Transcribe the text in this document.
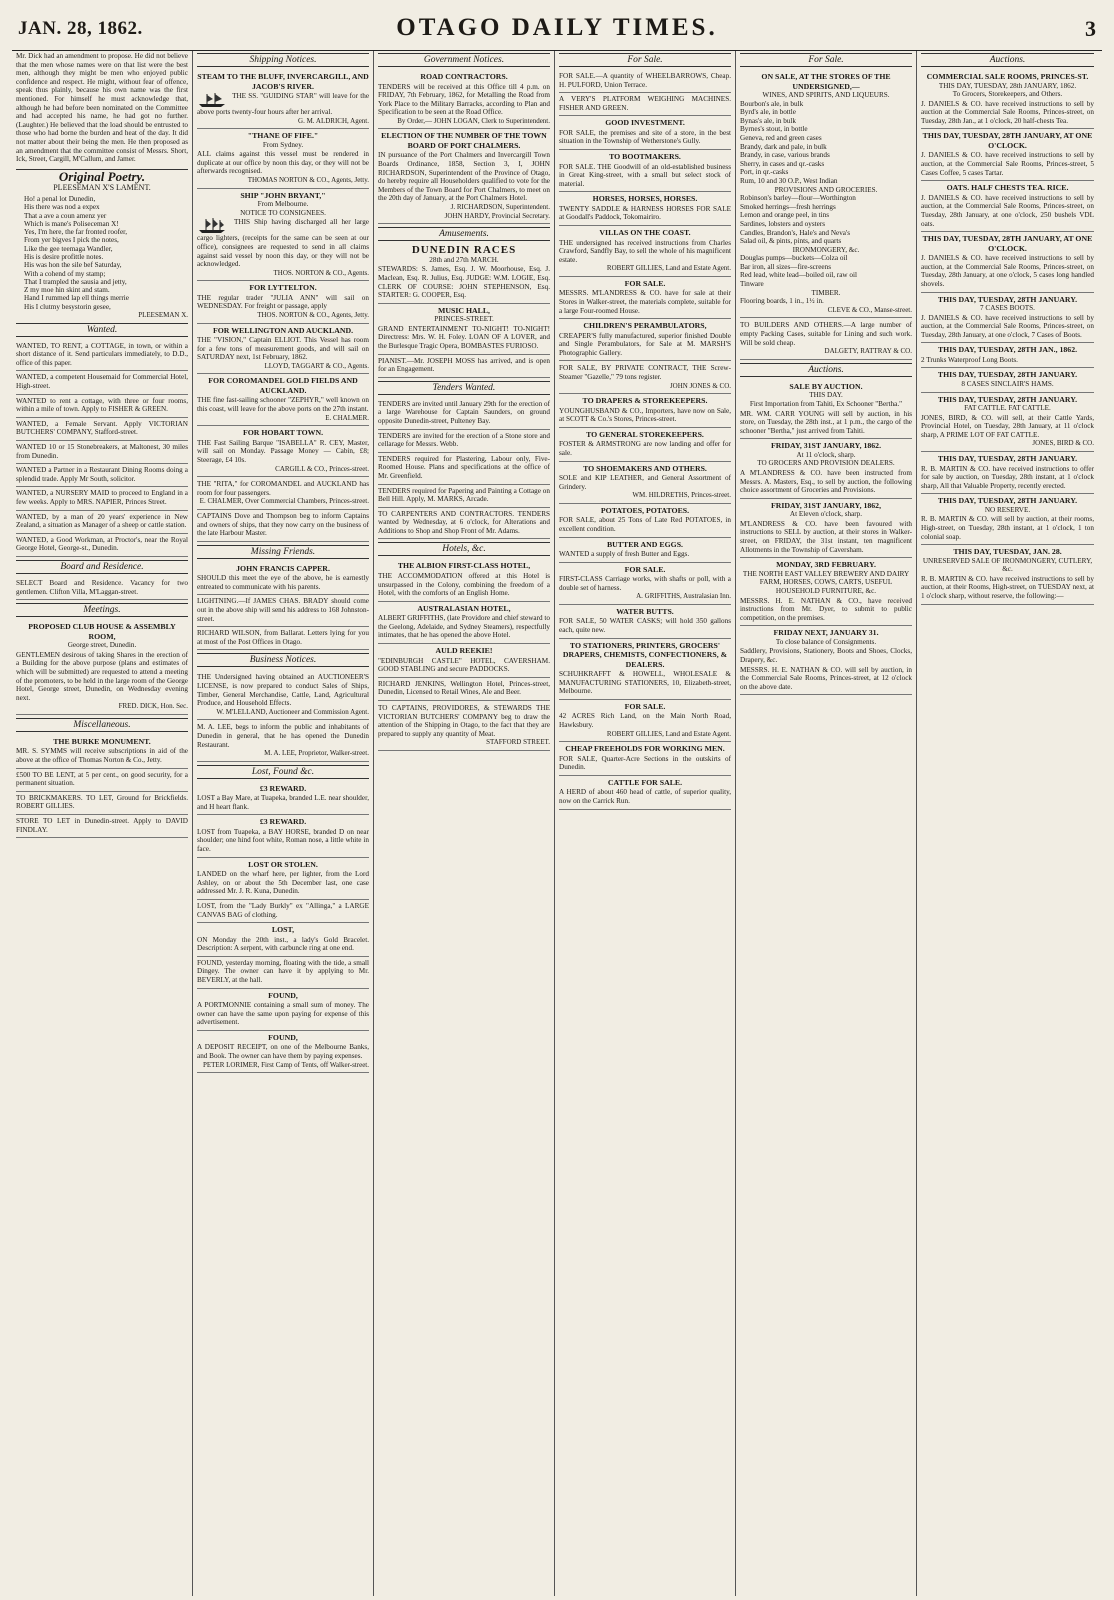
JAN. 28, 1862.	OTAGO DAILY TIMES.	3
Mr. Dick had an amendment to propose. He did not believe that the men whose names were on that list were the best men, although they might be men who enjoyed public confidence and respect. He might, without fear of offence, speak thus plainly, because his own name was the first mentioned. For himself he must acknowledge that, although he had before been nominated on the Committee and had accepted his name, he had got no further. (Laughter.) He believed that the load should be entrusted to those who had borne the burden and heat of the day. It did not matter about their being the men. He then proposed as an amendment that the committee consist of Messrs. Short, Ick, Street, Cargill, M'Callum, and Jamer.
Original Poetry.
PLEESEMAN X'S LAMENT.
Ho! a penal lot Dunedin,
His there was nod a expex
That a ave a coun amenz yer
Which is mane's Poliseceman X!
Yes, I'm here, the far fronted roofer,
From yer bigves I pick the notes,
Like the gee teemaga Wandler,
His is desire profittle notes.
His was hon the sile bef Saturday,
With a cohend of my stamp;
That I trampled the sausia and jetty,
Z my moe hin skint and stam.
Hand I rummed lap ell things merrie
His I clutmy besystorin gesee,
PLEESEMAN X.
Wanted.
WANTED, TO RENT, a COTTAGE, in town, or within a short distance of it. Send particulars immediately, to D.D., office of this paper.
WANTED, a competent Housemaid for Commercial Hotel, High-street.
WANTED to rent a cottage, with three or four rooms, within a mile of town. Apply to FISHER & GREEN.
WANTED, a Female Servant. Apply VICTORIAN BUTCHERS' COMPANY, Stafford-street.
WANTED 10 or 15 Stonebreakers, at Maltonest, 30 miles from Dunedin.
WANTED a Partner in a Restaurant Dining Rooms doing a splendid trade. Apply Mr South, solicitor.
WANTED, a NURSERY MAID to proceed to England in a few weeks. Apply to MRS. NAPIER, Princes Street.
WANTED, by a man of 20 years' experience in New Zealand, a situation as Manager of a sheep or cattle station.
WANTED, a Good Workman, at Proctor's, near the Royal George Hotel, George-st., Dunedin.
Board and Residence.
SELECT Board and Residence. Vacancy for two gentlemen. Clifton Villa, M'Laggan-street.
Meetings.
PROPOSED CLUB HOUSE & ASSEMBLY ROOM,
George street, Dunedin.
GENTLEMEN desirous of taking Shares in the erection of a Building for the above purpose (plans and estimates of which will be submitted) are requested to attend a meeting of the promoters, to be held in the large room of the George Hotel, George street, Dunedin, on Wednesday evening next.
FRED. DICK, Hon. Sec.
Miscellaneous.
THE BURKE MONUMENT.
MR. S. SYMMS will receive subscriptions in aid of the above at the office of Thomas Norton & Co., Jetty.
£500 TO BE LENT, at 5 per cent., on good security, for a permanent situation.
TO BRICKMAKERS. TO LET, Ground for Brickfields. ROBERT GILLIES.
STORE TO LET in Dunedin-street. Apply to DAVID FINDLAY.
Shipping Notices.
STEAM TO THE BLUFF, INVERCARGILL, AND JACOB'S RIVER.
THE SS. "GUIDING STAR" will leave for the above ports twenty-four hours after her arrival.
G. M. ALDRICH, Agent.
"THANE OF FIFE."
From Sydney.
ALL claims against this vessel must be rendered in duplicate at our office by noon this day, or they will not be afterwards recognised.
THOMAS NORTON & CO., Agents, Jetty.
SHIP "JOHN BRYANT,"
From Melbourne.
NOTICE TO CONSIGNEES.
THIS Ship having discharged all her large cargo lighters, (receipts for the same can be seen at our office), consignees are requested to send in all claims against said vessel by noon this day, or they will not be acknowledged.
THOS. NORTON & CO., Agents.
FOR LYTTELTON.
THE regular trader "JULIA ANN" will sail on WEDNESDAY. For freight or passage, apply
THOS. NORTON & CO., Agents, Jetty.
FOR WELLINGTON AND AUCKLAND.
THE "VISION," Captain ELLIOT. This Vessel has room for a few tons of measurement goods, and will sail on SATURDAY next, 1st February, 1862.
LLOYD, TAGGART & CO., Agents.
FOR COROMANDEL GOLD FIELDS AND AUCKLAND.
THE fine fast-sailing schooner "ZEPHYR," well known on this coast, will leave for the above ports on the 27th instant.
E. CHALMER.
FOR HOBART TOWN.
THE Fast Sailing Barque "ISABELLA" R. CEY, Master, will sail on Monday. Passage Money — Cabin, £8; Steerage, £4 10s.
CARGILL & CO., Princes-street.
THE "RITA," for COROMANDEL and AUCKLAND has room for four passengers.
E. CHALMER, Over Commercial Chambers, Princes-street.
CAPTAINS Dove and Thompson beg to inform Captains and owners of ships, that they now carry on the business of the late Harbour Master.
Missing Friends.
JOHN FRANCIS CAPPER.
SHOULD this meet the eye of the above, he is earnestly entreated to communicate with his parents.
LIGHTNING.—If JAMES CHAS. BRADY should come out in the above ship will send his address to 168 Johnston-street.
RICHARD WILSON, from Ballarat. Letters lying for you at most of the Post Offices in Otago.
Business Notices.
THE Undersigned having obtained an AUCTIONEER'S LICENSE, is now prepared to conduct Sales of Ships, Timber, General Merchandise, Cattle, Land, Agricultural Produce, and Household Effects.
W. M'LELLAND, Auctioneer and Commission Agent.
M. A. LEE, begs to inform the public and inhabitants of Dunedin in general, that he has opened the Dunedin Restaurant.
M. A. LEE, Proprietor, Walker-street.
Lost, Found &c.
£3 REWARD.
LOST a Bay Mare, at Tuapeka, branded L.E. near shoulder, and H heart flank.
£3 REWARD.
LOST from Tuapeka, a BAY HORSE, branded D on near shoulder; one hind foot white, Roman nose, a little white in face.
LOST OR STOLEN.
LANDED on the wharf here, per lighter, from the Lord Ashley, on or about the 5th December last, one case addressed Mr. J. R. Kuna, Dunedin.
LOST, from the "Lady Burkly" ex "Allinga," a LARGE CANVAS BAG of clothing.
LOST,
ON Monday the 20th inst., a lady's Gold Bracelet. Description: A serpent, with carbuncle ring at one end.
FOUND, yesterday morning, floating with the tide, a small Dingey. The owner can have it by applying to Mr. BEVERLY, at the hall.
FOUND,
A PORTMONNIE containing a small sum of money. The owner can have the same upon paying for expense of this advertisement.
FOUND,
A DEPOSIT RECEIPT, on one of the Melbourne Banks, and Book. The owner can have them by paying expenses.
PETER LORIMER, First Camp of Tents, off Walker-street.
Government Notices.
ROAD CONTRACTORS.
TENDERS will be received at this Office till 4 p.m. on FRIDAY, 7th February, 1862, for Metalling the Road from York Place to the Military Barracks, according to Plan and Specification to be seen at the Road Office.
By Order,— JOHN LOGAN, Clerk to Superintendent.
ELECTION OF THE NUMBER OF THE TOWN BOARD OF PORT CHALMERS.
IN pursuance of the Port Chalmers and Invercargill Town Boards Ordinance, 1858, Section 3, I, JOHN RICHARDSON, Superintendent of the Province of Otago, do hereby require all Householders qualified to vote for the Members of the Town Board for Port Chalmers, to meet on the 20th day of January, at the Port Chalmers Hotel.
J. RICHARDSON, Superintendent.
JOHN HARDY, Provincial Secretary.
Amusements.
DUNEDIN RACES
28th and 27th MARCH.
STEWARDS: S. James, Esq. J. W. Moorhouse, Esq. J. Maclean, Esq. R. Julius, Esq. JUDGE: W.M. LOGIE, Esq. CLERK OF COURSE: JOHN STEPHENSON, Esq. STARTER: G. COOPER, Esq.
MUSIC HALL,
PRINCES-STREET.
GRAND ENTERTAINMENT TO-NIGHT! TO-NIGHT! Directress: Mrs. W. H. Foley. LOAN OF A LOVER, and the Burlesque Tragic Opera, BOMBASTES FURIOSO.
PIANIST.—Mr. JOSEPH MOSS has arrived, and is open for an Engagement.
Tenders Wanted.
TENDERS are invited until January 29th for the erection of a large Warehouse for Captain Saunders, on ground opposite Dunedin-street, Pulteney Bay.
TENDERS are invited for the erection of a Stone store and cellarage for Messrs. Webb.
TENDERS required for Plastering, Labour only, Five-Roomed House. Plans and specifications at the office of Mr. Greenfield.
TENDERS required for Papering and Painting a Cottage on Bell Hill. Apply, M. MARKS, Arcade.
TO CARPENTERS AND CONTRACTORS. TENDERS wanted by Wednesday, at 6 o'clock, for Alterations and Additions to Shop and Shop Front of Mr. Adams.
Hotels, &c.
THE ALBION FIRST-CLASS HOTEL,
THE ACCOMMODATION offered at this Hotel is unsurpassed in the Colony, combining the freedom of a Hotel, with the comforts of an English Home.
AUSTRALASIAN HOTEL,
ALBERT GRIFFITHS, (late Providore and chief steward to the Geelong, Adelaide, and Sydney Steamers), respectfully intimates, that he has opened the above Hotel.
AULD REEKIE!
"EDINBURGH CASTLE" HOTEL, CAVERSHAM. GOOD STABLING and secure PADDOCKS.
RICHARD JENKINS, Wellington Hotel, Princes-street, Dunedin, Licensed to Retail Wines, Ale and Beer.
TO CAPTAINS, PROVIDORES, & STEWARDS THE VICTORIAN BUTCHERS' COMPANY beg to draw the attention of the Shipping in Otago, to the fact that they are prepared to supply any quantity of Meat.
STAFFORD STREET.
For Sale.
FOR SALE.—A quantity of WHEELBARROWS, Cheap. H. PULFORD, Union Terrace.
A VERY'S PLATFORM WEIGHING MACHINES. FISHER AND GREEN.
GOOD INVESTMENT.
FOR SALE, the premises and site of a store, in the best situation in the Township of Wetherstone's Gully.
TO BOOTMAKERS.
FOR SALE. THE Goodwill of an old-established business in Great King-street, with a small but select stock of material.
HORSES, HORSES, HORSES.
TWENTY SADDLE & HARNESS HORSES FOR SALE at Goodall's Paddock, Tokomairiro.
VILLAS ON THE COAST.
THE undersigned has received instructions from Charles Crawford, Sandfly Bay, to sell the whole of his magnificent estate.
ROBERT GILLIES, Land and Estate Agent.
FOR SALE.
MESSRS. M'LANDRESS & CO. have for sale at their Stores in Walker-street, the materials complete, suitable for a large Four-roomed House.
CHILDREN'S PERAMBULATORS,
CREAPER'S fully manufactured, superior finished Double and Single Perambulators, for Sale at M. MARSH'S Photographic Gallery.
FOR SALE, BY PRIVATE CONTRACT, THE Screw-Steamer "Gazelle," 79 tons register.
JOHN JONES & CO.
TO DRAPERS & STOREKEEPERS.
YOUNGHUSBAND & CO., Importers, have now on Sale, at SCOTT & Co.'s Stores, Princes-street.
TO GENERAL STOREKEEPERS.
FOSTER & ARMSTRONG are now landing and offer for sale.
TO SHOEMAKERS AND OTHERS.
SOLE and KIP LEATHER, and General Assortment of Grindery.
WM. HILDRETHS, Princes-street.
POTATOES, POTATOES.
FOR SALE, about 25 Tons of Late Red POTATOES, in excellent condition.
BUTTER AND EGGS.
WANTED a supply of fresh Butter and Eggs.
FOR SALE.
FIRST-CLASS Carriage works, with shafts or poll, with a double set of harness.
A. GRIFFITHS, Australasian Inn.
WATER BUTTS.
FOR SALE, 50 WATER CASKS; will hold 350 gallons each, quite new.
TO STATIONERS, PRINTERS, GROCERS' DRAPERS, CHEMISTS, CONFECTIONERS, & DEALERS.
SCHUHKRAFFT & HOWELL, WHOLESALE & MANUFACTURING STATIONERS, 10, Elizabeth-street, Melbourne.
FOR SALE.
42 ACRES Rich Land, on the Main North Road, Hawksbury.
ROBERT GILLIES, Land and Estate Agent.
CHEAP FREEHOLDS FOR WORKING MEN.
FOR SALE, Quarter-Acre Sections in the outskirts of Dunedin.
CATTLE FOR SALE.
A HERD of about 460 head of cattle, of superior quality, now on the Carrick Run.
For Sale.
ON SALE, AT THE STORES OF THE UNDERSIGNED,—
WINES, AND SPIRITS, AND LIQUEURS.
Bourbon's ale, in bulk
Byrd's ale, in bottle
Bynas's ale, in bulk
Byrnes's stout, in bottle
Geneva, red and green cases
Brandy, dark and pale, in bulk
Brandy, in case, various brands
Sherry, in cases and qr.-casks
Port, in qr.-casks
Rum, 10 and 30 O.P., West Indian
PROVISIONS AND GROCERIES.
Robinson's barley—flour—Worthington
Smoked herrings—fresh herrings
Lemon and orange peel, in tins
Sardines, lobsters and oysters
Candles, Brandon's, Hale's and Neva's
Salad oil, & pints, pints, and quarts
IRONMONGERY, &c.
Douglas pumps—buckets—Colza oil
Bar iron, all sizes—fire-screens
Red lead, white lead—boiled oil, raw oil
Tinware
TIMBER.
Flooring boards, 1 in., 1½ in.
CLEVE & CO., Manse-street.
TO BUILDERS AND OTHERS.—A large number of empty Packing Cases, suitable for Lining and such work. Will be sold cheap.
DALGETY, RATTRAY & CO.
Auctions.
SALE BY AUCTION.
THIS DAY.
First Importation from Tahiti, Ex Schooner "Bertha."
MR. WM. CARR YOUNG will sell by auction, in his store, on Tuesday, the 28th inst., at 1 p.m., the cargo of the schooner "Bertha," just arrived from Tahiti.
FRIDAY, 31ST JANUARY, 1862.
At 11 o'clock, sharp.
TO GROCERS AND PROVISION DEALERS.
A M'LANDRESS & CO. have been instructed from Messrs. A. Masters, Esq., to sell by auction, the following choice assortment of Groceries and Provisions.
FRIDAY, 31ST JANUARY, 1862,
At Eleven o'clock, sharp.
M'LANDRESS & CO. have been favoured with instructions to SELL by auction, at their stores in Walker-street, on FRIDAY, the 31st instant, ten magnificent Allotments in the Township of Caversham.
MONDAY, 3RD FEBRUARY.
THE NORTH EAST VALLEY BREWERY AND DAIRY FARM, HORSES, COWS, CARTS, USEFUL HOUSEHOLD FURNITURE, &c.
MESSRS. H. E. NATHAN & CO., have received instructions from Mr. Dyer, to submit to public competition, on the premises.
FRIDAY NEXT, JANUARY 31.
To close balance of Consignments.
Saddlery, Provisions, Stationery, Boots and Shoes, Clocks, Drapery, &c.
MESSRS. H. E. NATHAN & CO. will sell by auction, in the Commercial Sale Rooms, Princes-street, at 12 o'clock on the above date.
Auctions.
COMMERCIAL SALE ROOMS, PRINCES-ST.
THIS DAY, TUESDAY, 28th JANUARY, 1862.
To Grocers, Storekeepers, and Others.
J. DANIELS & CO. have received instructions to sell by auction at the Commercial Sale Rooms, Princes-street, on Tuesday, 28th Jan., at 1 o'clock, 20 half-chests Tea.
THIS DAY, TUESDAY, 28TH JANUARY, AT ONE O'CLOCK.
J. DANIELS & CO. have received instructions to sell by auction, at the Commercial Sale Rooms, Princes-street, 5 Cases Coffee, 5 cases Tartar.
OATS. HALF CHESTS TEA. RICE.
J. DANIELS & CO. have received instructions to sell by auction, at the Commercial Sale Rooms, Princes-street, on Tuesday, 28th January, at one o'clock, 250 bushels VDL oats.
THIS DAY, TUESDAY, 28TH JANUARY, AT ONE O'CLOCK.
J. DANIELS & CO. have received instructions to sell by auction, at the Commercial Sale Rooms, Princes-street, on Tuesday, 28th January, at one o'clock, 5 cases long handled shovels.
THIS DAY, TUESDAY, 28TH JANUARY.
7 CASES BOOTS.
J. DANIELS & CO. have received instructions to sell by auction, at the Commercial Sale Rooms, Princes-street, on Tuesday, 28th January, at one o'clock, 7 Cases of Boots.
THIS DAY, TUESDAY, 28TH JAN., 1862.
2 Trunks Waterproof Long Boots.
THIS DAY, TUESDAY, 28TH JANUARY.
8 CASES SINCLAIR'S HAMS.
THIS DAY, TUESDAY, 28TH JANUARY.
FAT CATTLE. FAT CATTLE.
JONES, BIRD, & CO. will sell, at their Cattle Yards, Provincial Hotel, on Tuesday, 28th January, at 11 o'clock sharp, A PRIME LOT OF FAT CATTLE.
JONES, BIRD & CO.
THIS DAY, TUESDAY, 28TH JANUARY.
R. B. MARTIN & CO. have received instructions to offer for sale by auction, on Tuesday, 28th instant, at 1 o'clock sharp, All that Valuable Property, recently erected.
THIS DAY, TUESDAY, 28TH JANUARY.
NO RESERVE.
R. B. MARTIN & CO. will sell by auction, at their rooms, High-street, on Tuesday, 28th instant, at 1 o'clock, 1 ton colonial soap.
THIS DAY, TUESDAY, JAN. 28.
UNRESERVED SALE OF IRONMONGERY, CUTLERY, &c.
R. B. MARTIN & CO. have received instructions to sell by auction, at their Rooms, High-street, on TUESDAY next, at 1 o'clock sharp, without reserve, the following:—
